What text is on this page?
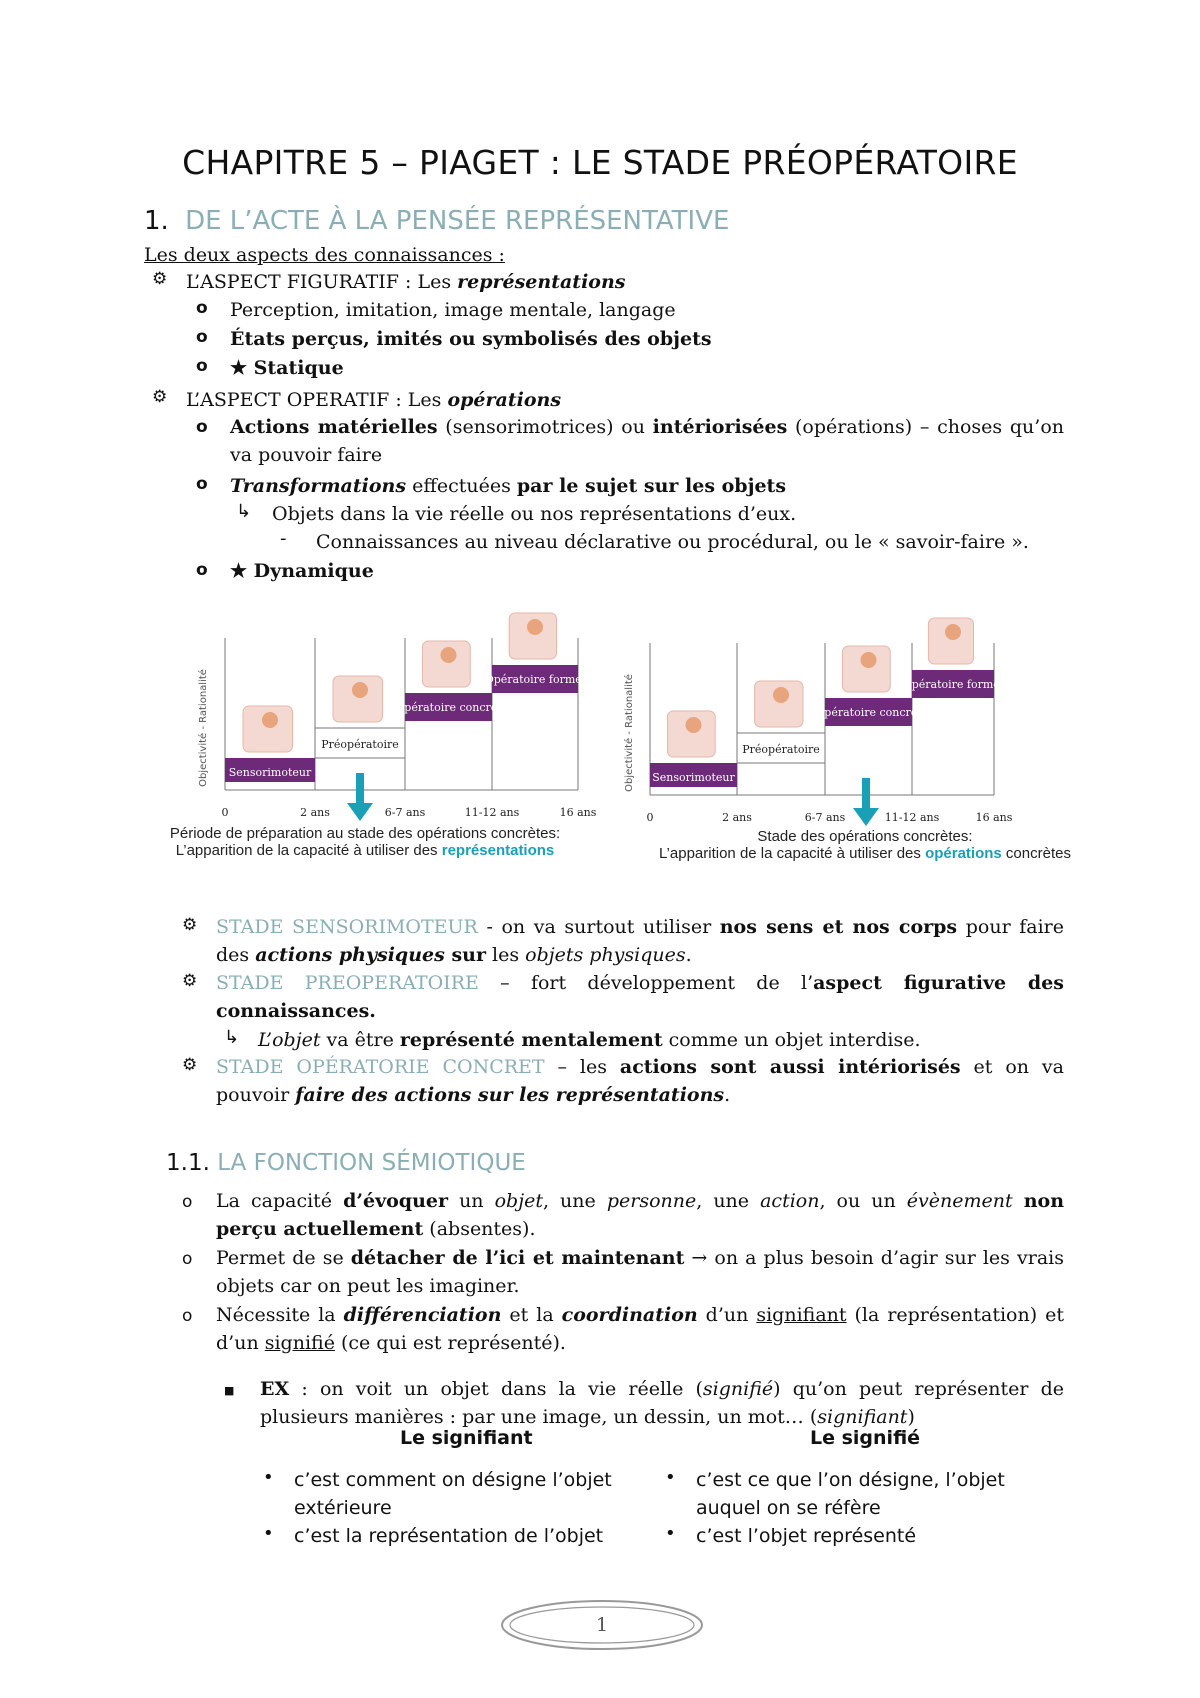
CHAPITRE 5 – PIAGET : LE STADE PRÉOPÉRATOIRE
1. DE L’ACTE À LA PENSÉE REPRÉSENTATIVE
Les deux aspects des connaissances :
⚙ L’ASPECT FIGURATIF : Les représentations
o Perception, imitation, image mentale, langage
o États perçus, imités ou symbolisés des objets
o ★ Statique
⚙ L’ASPECT OPERATIF : Les opérations
o Actions matérielles (sensorimotrices) ou intériorisées (opérations) – choses qu’on va pouvoir faire
o Transformations effectuées par le sujet sur les objets
↳ Objets dans la vie réelle ou nos représentations d’eux.
- Connaissances au niveau déclarative ou procédural, ou le « savoir-faire ».
o ★ Dynamique
Sensorimoteur
Préopératoire
Opératoire concret
Opératoire formel
0	2 ans	6-7 ans	11-12 ans	16 ans
Objectivité - Rationalité	Sensorimoteur
Préopératoire
Opératoire concret
Opératoire formel
0	2 ans	6-7 ans	11-12 ans	16 ans
Objectivité - Rationalité
Période de préparation au stade des opérations concrètes:
L’apparition de la capacité à utiliser des représentations
Stade des opérations concrètes:
L’apparition de la capacité à utiliser des opérations concrètes
⚙ STADE SENSORIMOTEUR - on va surtout utiliser nos sens et nos corps pour faire des actions physiques sur les objets physiques.
⚙ STADE PREOPERATOIRE – fort développement de l’aspect figurative des connaissances.
↳ L’objet va être représenté mentalement comme un objet interdise.
⚙ STADE OPÉRATORIE CONCRET – les actions sont aussi intériorisés et on va pouvoir faire des actions sur les représentations.
1.1. LA FONCTION SÉMIOTIQUE
o La capacité d’évoquer un objet, une personne, une action, ou un évènement non perçu actuellement (absentes).
o Permet de se détacher de l’ici et maintenant → on a plus besoin d’agir sur les vrais objets car on peut les imaginer.
o Nécessite la différenciation et la coordination d’un signifiant (la représentation) et d’un signifié (ce qui est représenté).
■ EX : on voit un objet dans la vie réelle (signifié) qu’on peut représenter de plusieurs manières : par une image, un dessin, un mot… (signifiant)
Le signifiant	Le signifié
• c’est comment on désigne l’objet extérieure
• c’est la représentation de l’objet
• c’est ce que l’on désigne, l’objet auquel on se réfère
• c’est l’objet représenté
1
